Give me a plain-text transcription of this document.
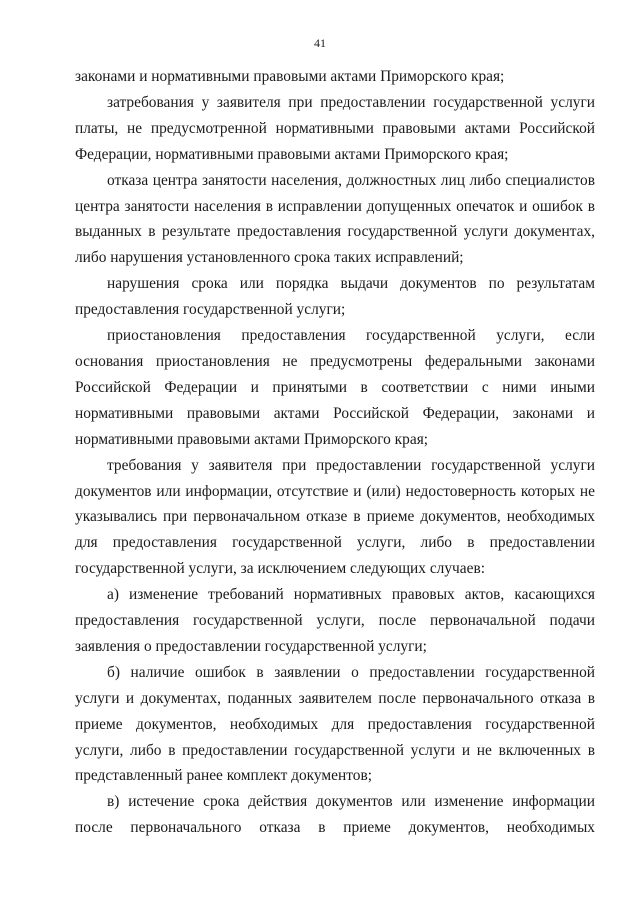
41

законами и нормативными правовыми актами Приморского края;

затребования у заявителя при предоставлении государственной услуги платы, не предусмотренной нормативными правовыми актами Российской Федерации, нормативными правовыми актами Приморского края;

отказа центра занятости населения, должностных лиц либо специалистов центра занятости населения в исправлении допущенных опечаток и ошибок в выданных в результате предоставления государственной услуги документах, либо нарушения установленного срока таких исправлений;

нарушения срока или порядка выдачи документов по результатам предоставления государственной услуги;

приостановления предоставления государственной услуги, если основания приостановления не предусмотрены федеральными законами Российской Федерации и принятыми в соответствии с ними иными нормативными правовыми актами Российской Федерации, законами и нормативными правовыми актами Приморского края;

требования у заявителя при предоставлении государственной услуги документов или информации, отсутствие и (или) недостоверность которых не указывались при первоначальном отказе в приеме документов, необходимых для предоставления государственной услуги, либо в предоставлении государственной услуги, за исключением следующих случаев:

а) изменение требований нормативных правовых актов, касающихся предоставления государственной услуги, после первоначальной подачи заявления о предоставлении государственной услуги;

б) наличие ошибок в заявлении о предоставлении государственной услуги и документах, поданных заявителем после первоначального отказа в приеме документов, необходимых для предоставления государственной услуги, либо в предоставлении государственной услуги и не включенных в представленный ранее комплект документов;

в) истечение срока действия документов или изменение информации после первоначального отказа в приеме документов, необходимых
